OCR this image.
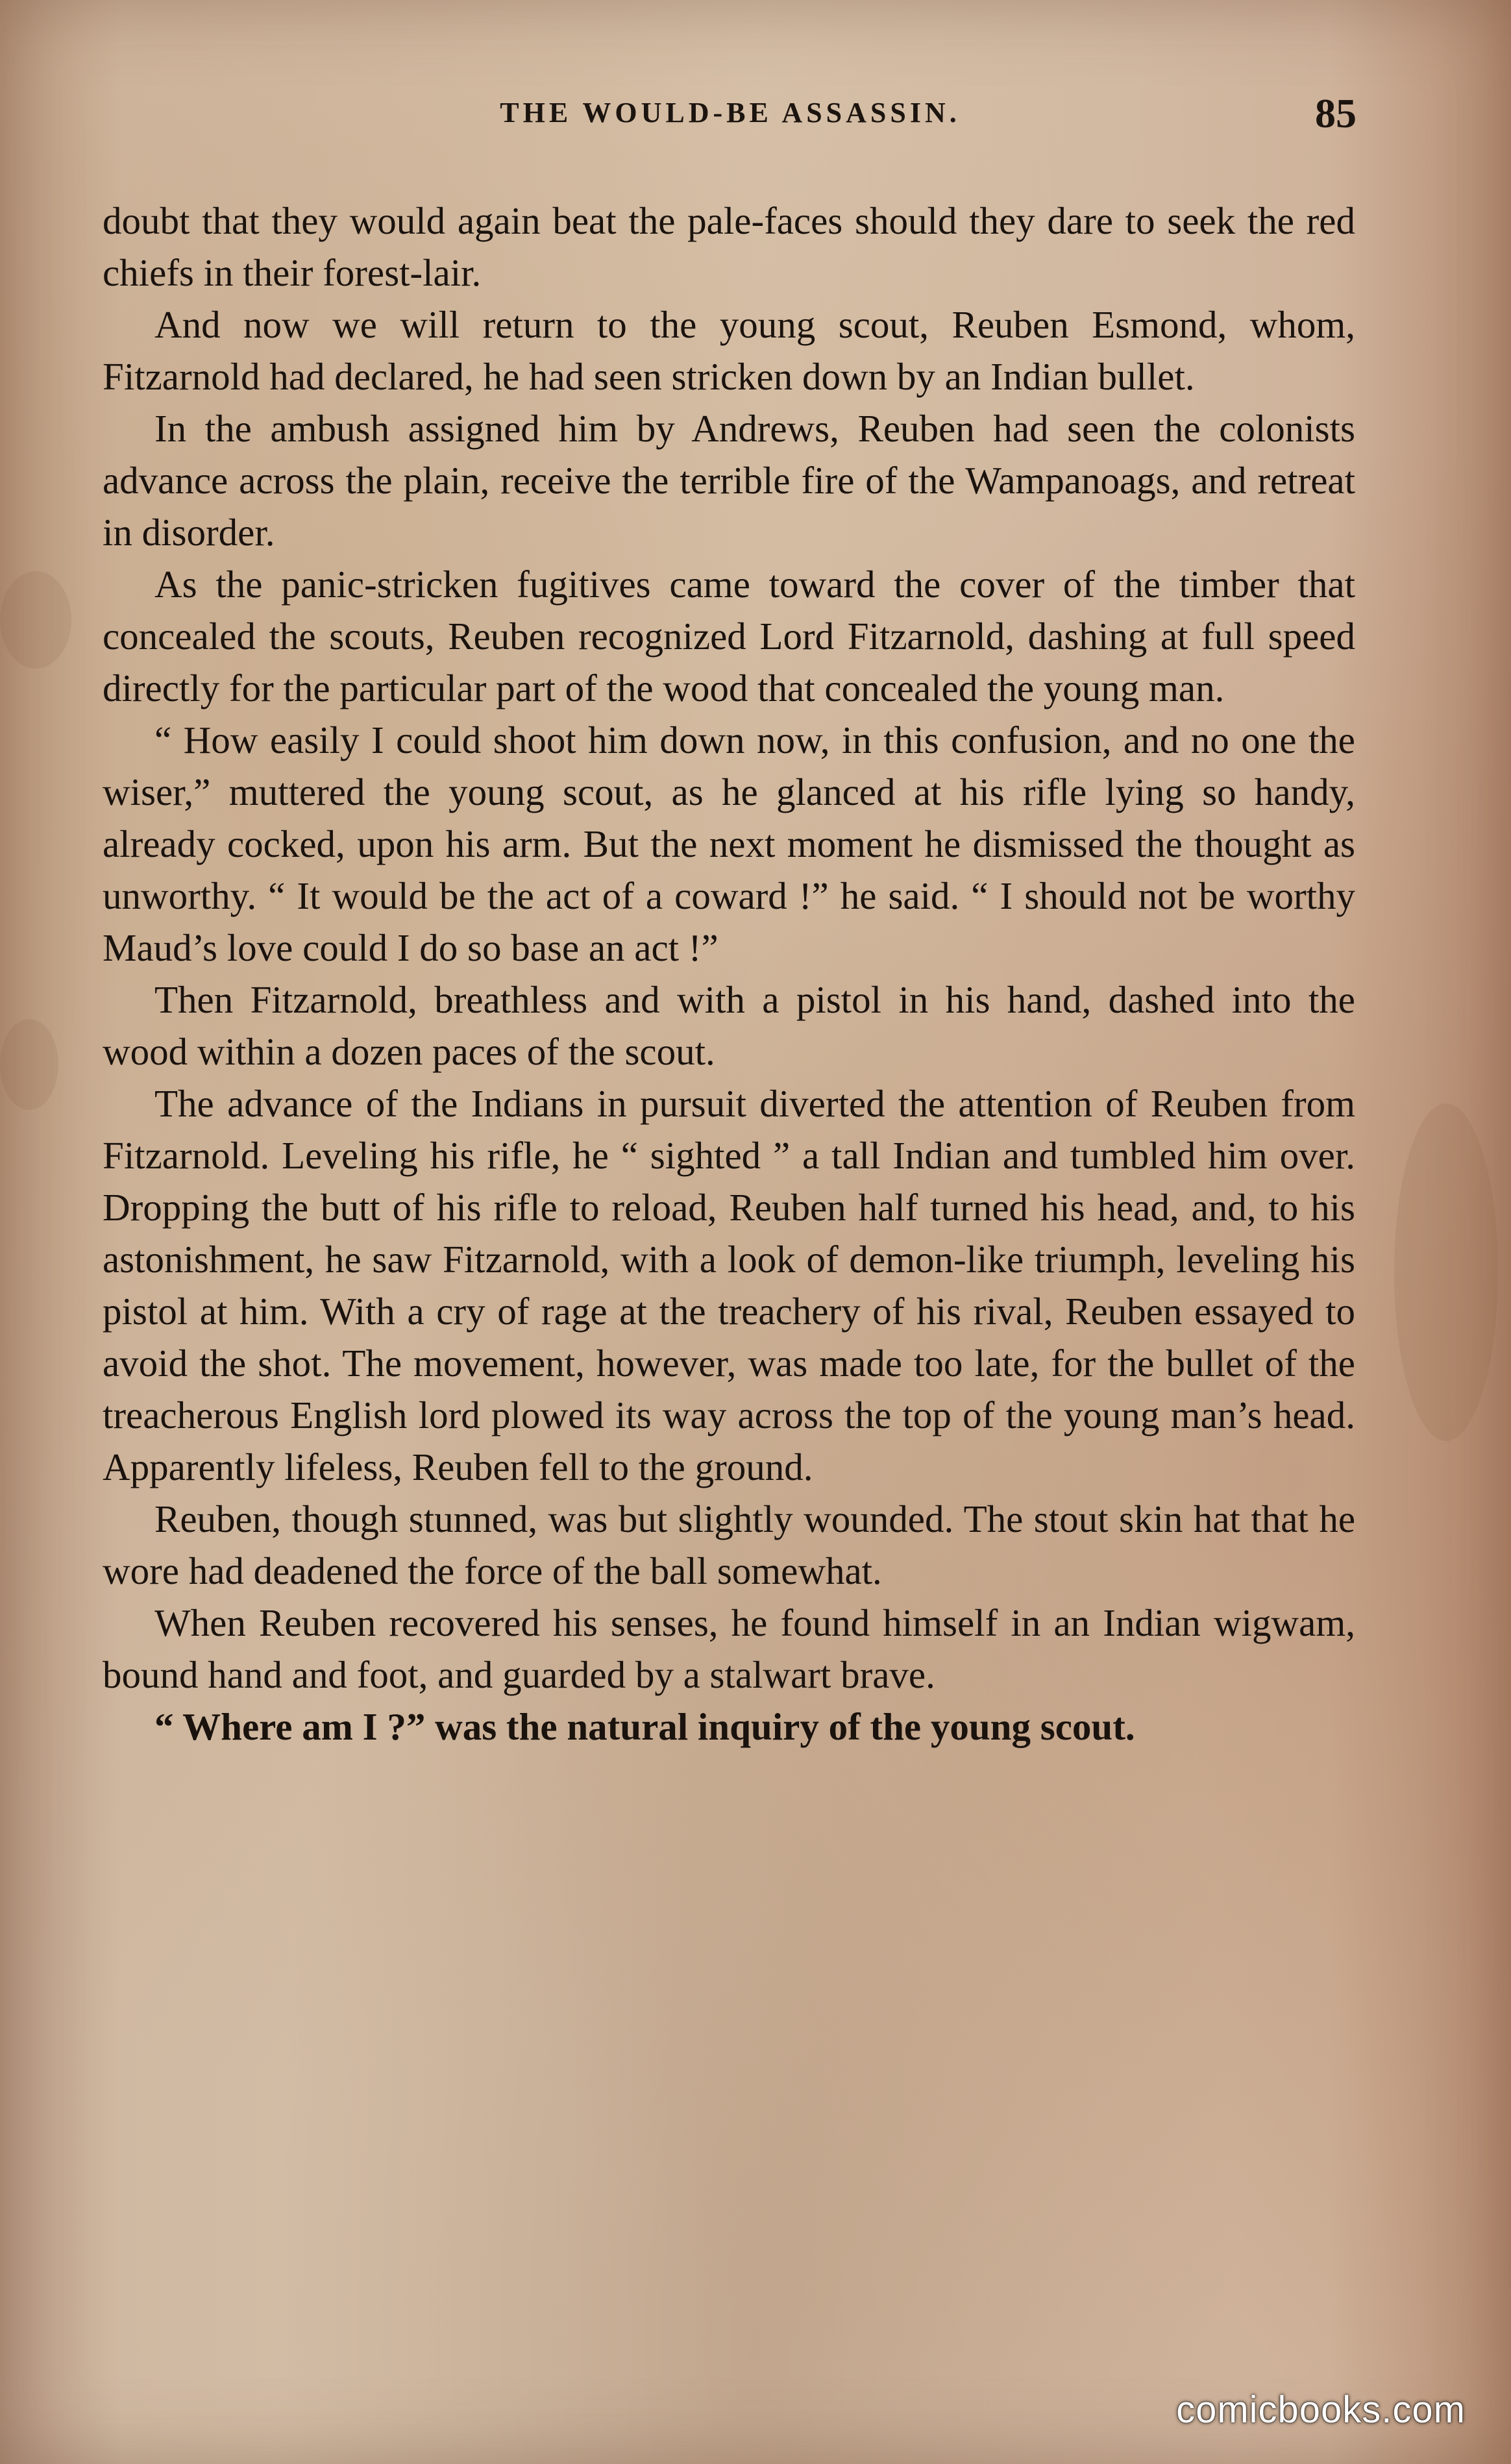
THE WOULD-BE ASSASSIN.	85

doubt that they would again beat the pale-faces should they dare to seek the red chiefs in their forest-lair.

And now we will return to the young scout, Reuben Esmond, whom, Fitzarnold had declared, he had seen stricken down by an Indian bullet.

In the ambush assigned him by Andrews, Reuben had seen the colonists advance across the plain, receive the terrible fire of the Wampanoags, and retreat in disorder.

As the panic-stricken fugitives came toward the cover of the timber that concealed the scouts, Reuben recognized Lord Fitzarnold, dashing at full speed directly for the particular part of the wood that concealed the young man.

“ How easily I could shoot him down now, in this confusion, and no one the wiser,” muttered the young scout, as he glanced at his rifle lying so handy, already cocked, upon his arm. But the next moment he dismissed the thought as unworthy. “ It would be the act of a coward !” he said. “ I should not be worthy Maud’s love could I do so base an act !”

Then Fitzarnold, breathless and with a pistol in his hand, dashed into the wood within a dozen paces of the scout.

The advance of the Indians in pursuit diverted the attention of Reuben from Fitzarnold. Leveling his rifle, he “ sighted ” a tall Indian and tumbled him over. Dropping the butt of his rifle to reload, Reuben half turned his head, and, to his astonishment, he saw Fitzarnold, with a look of demon-like triumph, leveling his pistol at him. With a cry of rage at the treachery of his rival, Reuben essayed to avoid the shot. The movement, however, was made too late, for the bullet of the treacherous English lord plowed its way across the top of the young man’s head. Apparently lifeless, Reuben fell to the ground.

Reuben, though stunned, was but slightly wounded. The stout skin hat that he wore had deadened the force of the ball somewhat.

When Reuben recovered his senses, he found himself in an Indian wigwam, bound hand and foot, and guarded by a stalwart brave.

“ Where am I ?” was the natural inquiry of the young scout.

comicbooks.com
